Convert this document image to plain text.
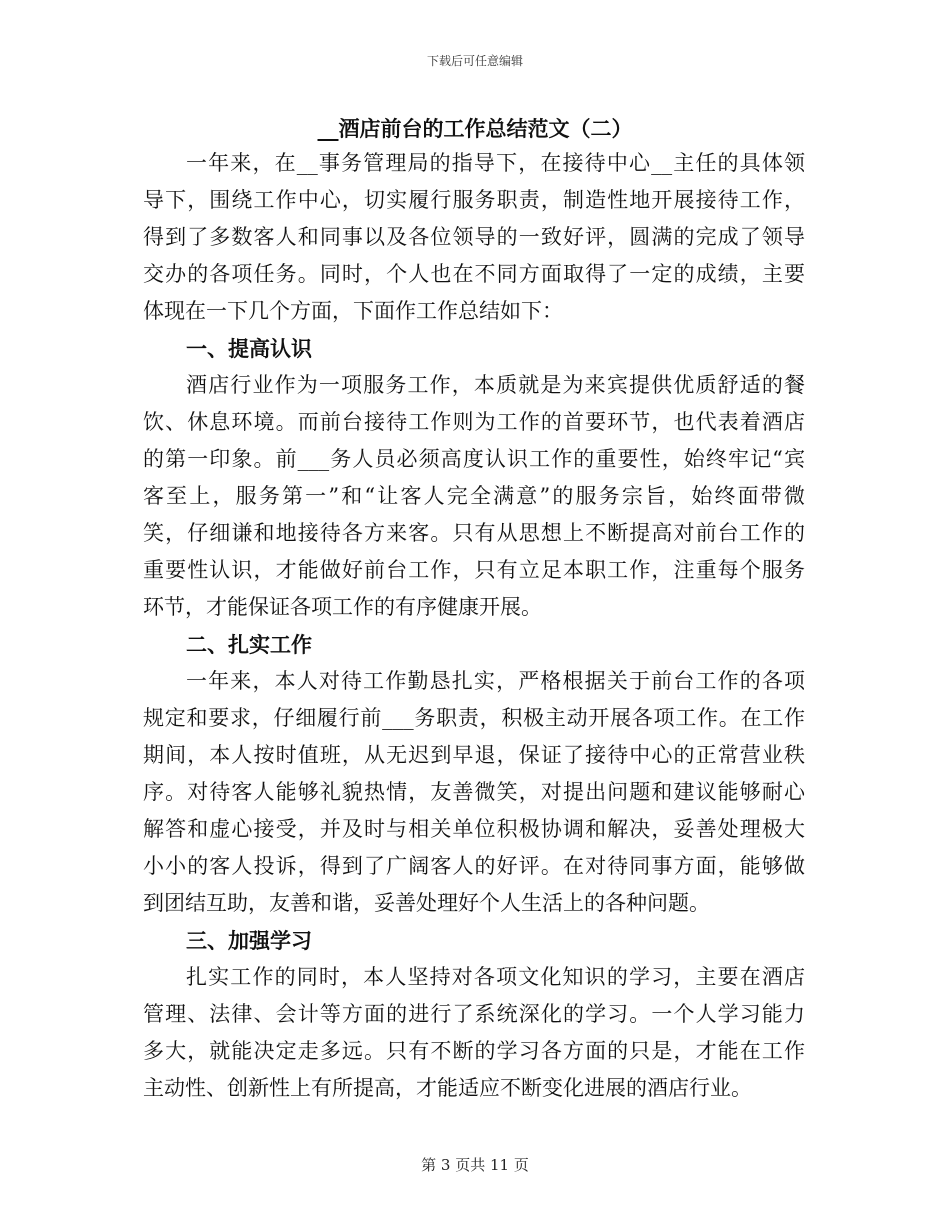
下载后可任意编辑
__酒店前台的工作总结范文（二）
一年来，在__事务管理局的指导下，在接待中心__主任的具体领
导下，围绕工作中心，切实履行服务职责，制造性地开展接待工作，
得到了多数客人和同事以及各位领导的一致好评，圆满的完成了领导
交办的各项任务。同时，个人也在不同方面取得了一定的成绩，主要
体现在一下几个方面，下面作工作总结如下：
一、提高认识
酒店行业作为一项服务工作，本质就是为来宾提供优质舒适的餐
饮、休息环境。而前台接待工作则为工作的首要环节，也代表着酒店
的第一印象。前___务人员必须高度认识工作的重要性，始终牢记“宾
客至上，服务第一”和“让客人完全满意”的服务宗旨，始终面带微
笑，仔细谦和地接待各方来客。只有从思想上不断提高对前台工作的
重要性认识，才能做好前台工作，只有立足本职工作，注重每个服务
环节，才能保证各项工作的有序健康开展。
二、扎实工作
一年来，本人对待工作勤恳扎实，严格根据关于前台工作的各项
规定和要求，仔细履行前___务职责，积极主动开展各项工作。在工作
期间，本人按时值班，从无迟到早退，保证了接待中心的正常营业秩
序。对待客人能够礼貌热情，友善微笑，对提出问题和建议能够耐心
解答和虚心接受，并及时与相关单位积极协调和解决，妥善处理极大
小小的客人投诉，得到了广阔客人的好评。在对待同事方面，能够做
到团结互助，友善和谐，妥善处理好个人生活上的各种问题。
三、加强学习
扎实工作的同时，本人坚持对各项文化知识的学习，主要在酒店
管理、法律、会计等方面的进行了系统深化的学习。一个人学习能力
多大，就能决定走多远。只有不断的学习各方面的只是，才能在工作
主动性、创新性上有所提高，才能适应不断变化进展的酒店行业。
第 3 页共 11 页
